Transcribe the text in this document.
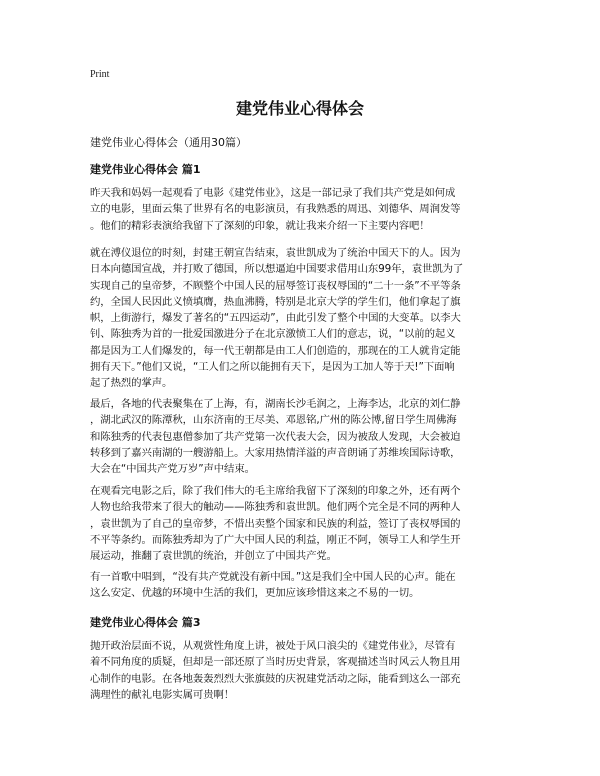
Print
建党伟业心得体会
建党伟业心得体会（通用30篇）
建党伟业心得体会 篇1
昨天我和妈妈一起观看了电影《建党伟业》，这是一部记录了我们共产党是如何成
立的电影，里面云集了世界有名的电影演员，有我熟悉的周迅、刘德华、周润发等
。他们的精彩表演给我留下了深刻的印象，就让我来介绍一下主要内容吧！
就在溥仪退位的时刻，封建王朝宣告结束，袁世凯成为了统治中国天下的人。因为
日本向德国宣战，并打败了德国，所以想逼迫中国要求借用山东99年，袁世凯为了
实现自己的皇帝梦，不顾整个中国人民的屈辱签订丧权辱国的“二十一条”不平等条
约，全国人民因此义愤填膺，热血沸腾，特别是北京大学的学生们，他们拿起了旗
帜，上街游行，爆发了著名的“五四运动”，由此引发了整个中国的大变革。以李大
钊、陈独秀为首的一批爱国激进分子在北京激愤工人们的意志，说，“以前的起义
都是因为工人们爆发的，每一代王朝都是由工人们创造的，那现在的工人就肯定能
拥有天下。”他们又说，“工人们之所以能拥有天下，是因为工加人等于天!”下面响
起了热烈的掌声。
最后，各地的代表聚集在了上海，有，湖南长沙毛润之，上海李达，北京的刘仁静
，湖北武汉的陈潭秋，山东济南的王尽美、邓恩铭,广州的陈公博,留日学生周佛海
和陈独秀的代表包惠僧参加了共产党第一次代表大会，因为被敌人发现，大会被迫
转移到了嘉兴南湖的一艘游船上。大家用热情洋溢的声音朗诵了苏维埃国际诗歌，
大会在“中国共产党万岁”声中结束。
在观看完电影之后，除了我们伟大的毛主席给我留下了深刻的印象之外，还有两个
人物也给我带来了很大的触动——陈独秀和袁世凯。他们两个完全是不同的两种人
，袁世凯为了自己的皇帝梦，不惜出卖整个国家和民族的利益，签订了丧权辱国的
不平等条约。而陈独秀却为了广大中国人民的利益，刚正不阿，领导工人和学生开
展运动，推翻了袁世凯的统治，并创立了中国共产党。
有一首歌中唱到，“没有共产党就没有新中国。”这是我们全中国人民的心声。能在
这么安定、优越的环境中生活的我们，更加应该珍惜这来之不易的一切。
建党伟业心得体会 篇3
抛开政治层面不说，从观赏性角度上讲，被处于风口浪尖的《建党伟业》，尽管有
着不同角度的质疑，但却是一部还原了当时历史背景，客观描述当时风云人物且用
心制作的电影。在各地轰轰烈烈大张旗鼓的庆祝建党活动之际，能看到这么一部充
满理性的献礼电影实属可贵啊！
